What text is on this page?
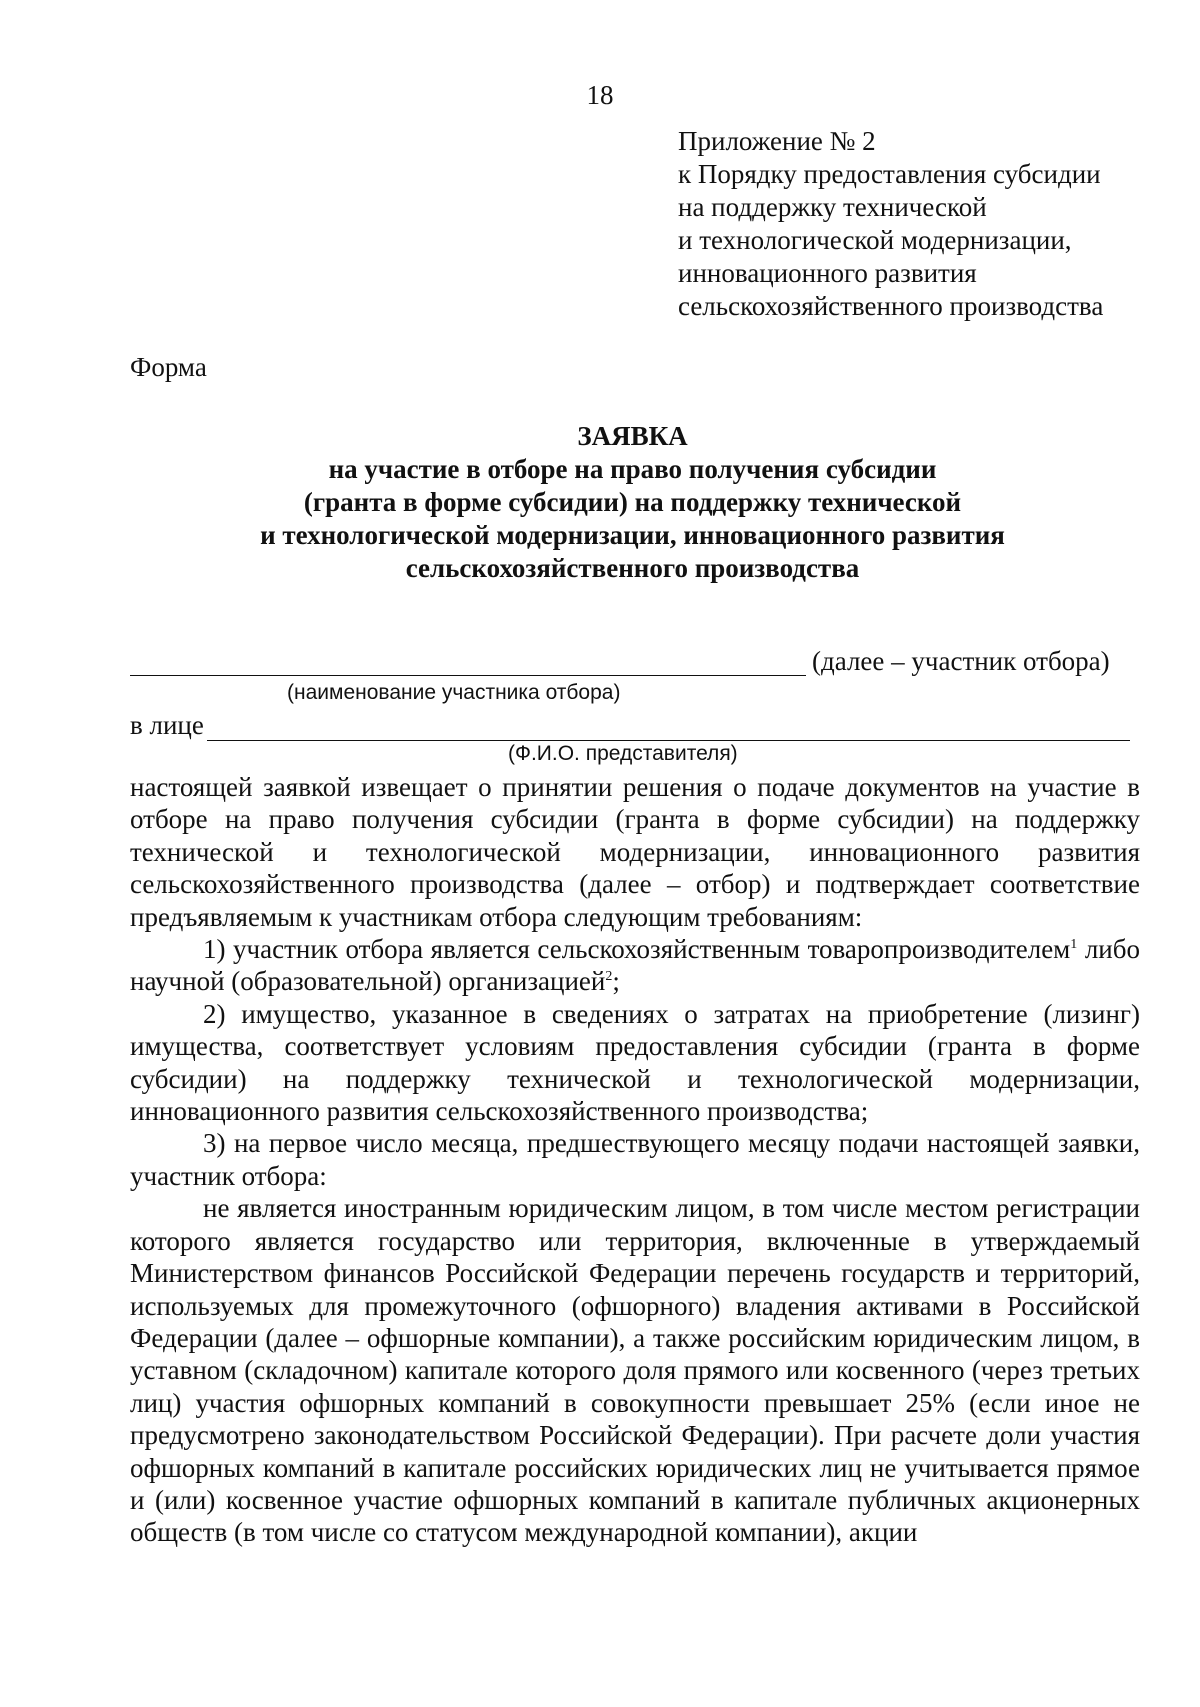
18
Приложение № 2
к Порядку предоставления субсидии
на поддержку технической
и технологической модернизации,
инновационного развития
сельскохозяйственного производства
Форма
ЗАЯВКА
на участие в отборе на право получения субсидии
(гранта в форме субсидии) на поддержку технической
и технологической модернизации, инновационного развития
сельскохозяйственного производства
(далее – участник отбора)
(наименование участника отбора)
в лице
(Ф.И.О. представителя)

настоящей заявкой извещает о принятии решения о подаче документов на участие в отборе на право получения субсидии (гранта в форме субсидии) на поддержку технической и технологической модернизации, инновационного развития сельскохозяйственного производства (далее – отбор) и подтверждает соответствие предъявляемым к участникам отбора следующим требованиям:

1) участник отбора является сельскохозяйственным товаропроизводителем$^1$ либо научной (образовательной) организацией$^2$;

2) имущество, указанное в сведениях о затратах на приобретение (лизинг) имущества, соответствует условиям предоставления субсидии (гранта в форме субсидии) на поддержку технической и технологической модернизации, инновационного развития сельскохозяйственного производства;

3) на первое число месяца, предшествующего месяцу подачи настоящей заявки, участник отбора:

не является иностранным юридическим лицом, в том числе местом регистрации которого является государство или территория, включенные в утверждаемый Министерством финансов Российской Федерации перечень государств и территорий, используемых для промежуточного (офшорного) владения активами в Российской Федерации (далее – офшорные компании), а также российским юридическим лицом, в уставном (складочном) капитале которого доля прямого или косвенного (через третьих лиц) участия офшорных компаний в совокупности превышает 25% (если иное не предусмотрено законодательством Российской Федерации). При расчете доли участия офшорных компаний в капитале российских юридических лиц не учитывается прямое и (или) косвенное участие офшорных компаний в капитале публичных акционерных обществ (в том числе со статусом международной компании), акции
